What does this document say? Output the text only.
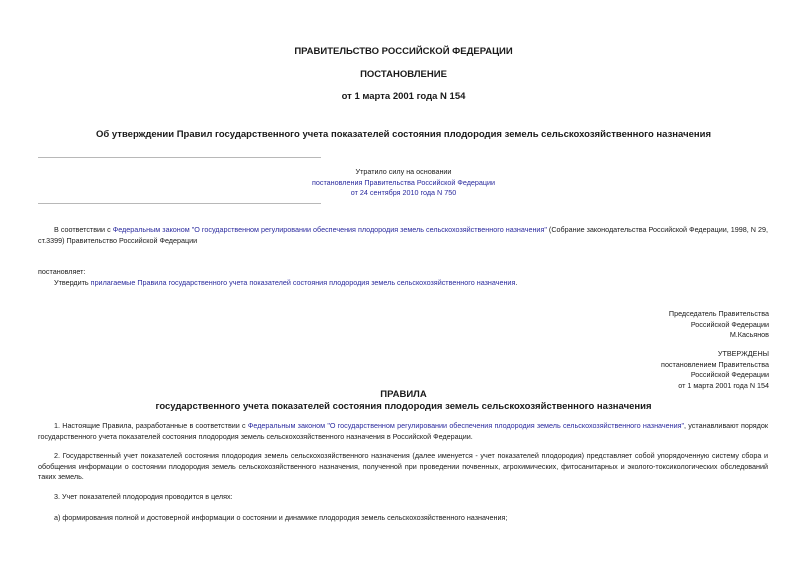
ПРАВИТЕЛЬСТВО РОССИЙСКОЙ ФЕДЕРАЦИИ
ПОСТАНОВЛЕНИЕ
от 1 марта 2001 года N 154
Об утверждении Правил государственного учета показателей состояния плодородия земель сельскохозяйственного назначения
Утратило силу на основании
постановления Правительства Российской Федерации
от 24 сентября 2010 года N 750
В соответствии с Федеральным законом "О государственном регулировании обеспечения плодородия земель сельскохозяйственного назначения" (Собрание законодательства Российской Федерации, 1998, N 29, ст.3399) Правительство Российской Федерации
постановляет:
Утвердить прилагаемые Правила государственного учета показателей состояния плодородия земель сельскохозяйственного назначения.
Председатель Правительства
Российской Федерации
М.Касьянов
УТВЕРЖДЕНЫ
постановлением Правительства
Российской Федерации
от 1 марта 2001 года N 154
ПРАВИЛА
государственного учета показателей состояния плодородия земель сельскохозяйственного назначения
1. Настоящие Правила, разработанные в соответствии с Федеральным законом "О государственном регулировании обеспечения плодородия земель сельскохозяйственного назначения", устанавливают порядок государственного учета показателей состояния плодородия земель сельскохозяйственного назначения в Российской Федерации.
2. Государственный учет показателей состояния плодородия земель сельскохозяйственного назначения (далее именуется - учет показателей плодородия) представляет собой упорядоченную систему сбора и обобщения информации о состоянии плодородия земель сельскохозяйственного назначения, полученной при проведении почвенных, агрохимических, фитосанитарных и эколого-токсикологических обследований таких земель.
3. Учет показателей плодородия проводится в целях:
а) формирования полной и достоверной информации о состоянии и динамике плодородия земель сельскохозяйственного назначения;
